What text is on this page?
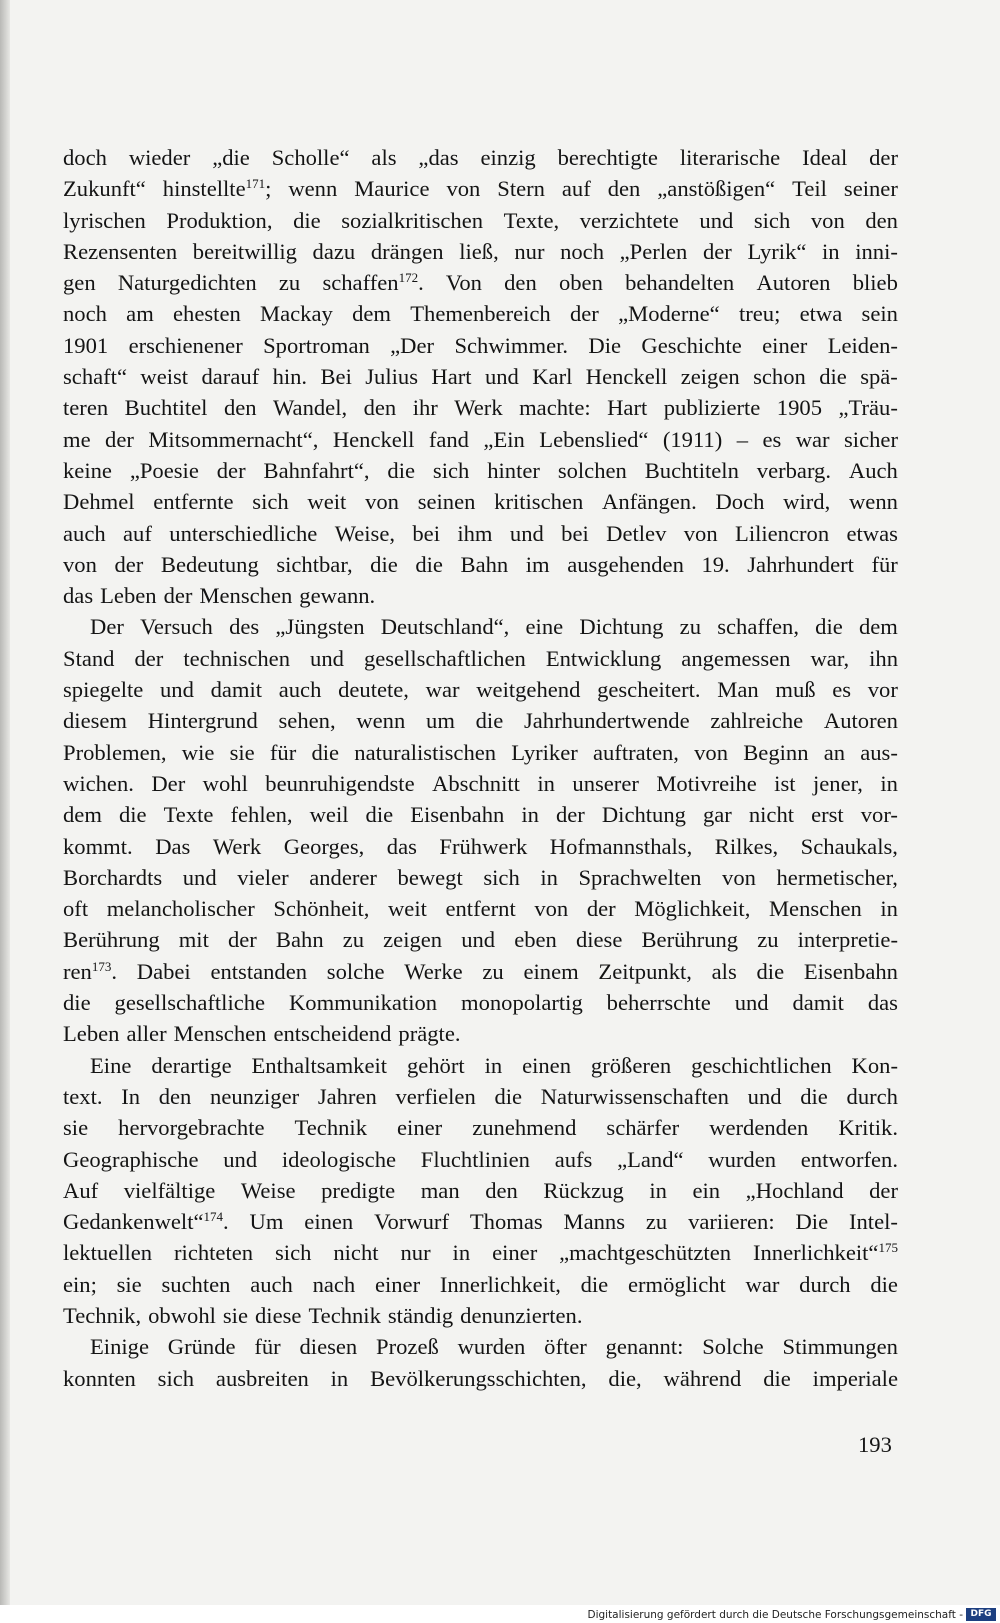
doch wieder „die Scholle“ als „das einzig berechtigte literarische Ideal der
Zukunft“ hinstellte$^{171}$; wenn Maurice von Stern auf den „anstößigen“ Teil seiner
lyrischen Produktion, die sozialkritischen Texte, verzichtete und sich von den
Rezensenten bereitwillig dazu drängen ließ, nur noch „Perlen der Lyrik“ in inni-
gen Naturgedichten zu schaffen$^{172}$. Von den oben behandelten Autoren blieb
noch am ehesten Mackay dem Themenbereich der „Moderne“ treu; etwa sein
1901 erschienener Sportroman „Der Schwimmer. Die Geschichte einer Leiden-
schaft“ weist darauf hin. Bei Julius Hart und Karl Henckell zeigen schon die spä-
teren Buchtitel den Wandel, den ihr Werk machte: Hart publizierte 1905 „Träu-
me der Mitsommernacht“, Henckell fand „Ein Lebenslied“ (1911) – es war sicher
keine „Poesie der Bahnfahrt“, die sich hinter solchen Buchtiteln verbarg. Auch
Dehmel entfernte sich weit von seinen kritischen Anfängen. Doch wird, wenn
auch auf unterschiedliche Weise, bei ihm und bei Detlev von Liliencron etwas
von der Bedeutung sichtbar, die die Bahn im ausgehenden 19. Jahrhundert für
das Leben der Menschen gewann.
Der Versuch des „Jüngsten Deutschland“, eine Dichtung zu schaffen, die dem
Stand der technischen und gesellschaftlichen Entwicklung angemessen war, ihn
spiegelte und damit auch deutete, war weitgehend gescheitert. Man muß es vor
diesem Hintergrund sehen, wenn um die Jahrhundertwende zahlreiche Autoren
Problemen, wie sie für die naturalistischen Lyriker auftraten, von Beginn an aus-
wichen. Der wohl beunruhigendste Abschnitt in unserer Motivreihe ist jener, in
dem die Texte fehlen, weil die Eisenbahn in der Dichtung gar nicht erst vor-
kommt. Das Werk Georges, das Frühwerk Hofmannsthals, Rilkes, Schaukals,
Borchardts und vieler anderer bewegt sich in Sprachwelten von hermetischer,
oft melancholischer Schönheit, weit entfernt von der Möglichkeit, Menschen in
Berührung mit der Bahn zu zeigen und eben diese Berührung zu interpretie-
ren$^{173}$. Dabei entstanden solche Werke zu einem Zeitpunkt, als die Eisenbahn
die gesellschaftliche Kommunikation monopolartig beherrschte und damit das
Leben aller Menschen entscheidend prägte.
Eine derartige Enthaltsamkeit gehört in einen größeren geschichtlichen Kon-
text. In den neunziger Jahren verfielen die Naturwissenschaften und die durch
sie hervorgebrachte Technik einer zunehmend schärfer werdenden Kritik.
Geographische und ideologische Fluchtlinien aufs „Land“ wurden entworfen.
Auf vielfältige Weise predigte man den Rückzug in ein „Hochland der
Gedankenwelt“$^{174}$. Um einen Vorwurf Thomas Manns zu variieren: Die Intel-
lektuellen richteten sich nicht nur in einer „machtgeschützten Innerlichkeit“$^{175}$
ein; sie suchten auch nach einer Innerlichkeit, die ermöglicht war durch die
Technik, obwohl sie diese Technik ständig denunzierten.
Einige Gründe für diesen Prozeß wurden öfter genannt: Solche Stimmungen
konnten sich ausbreiten in Bevölkerungsschichten, die, während die imperiale
193
Digitalisierung gefördert durch die Deutsche Forschungsgemeinschaft - DFG
